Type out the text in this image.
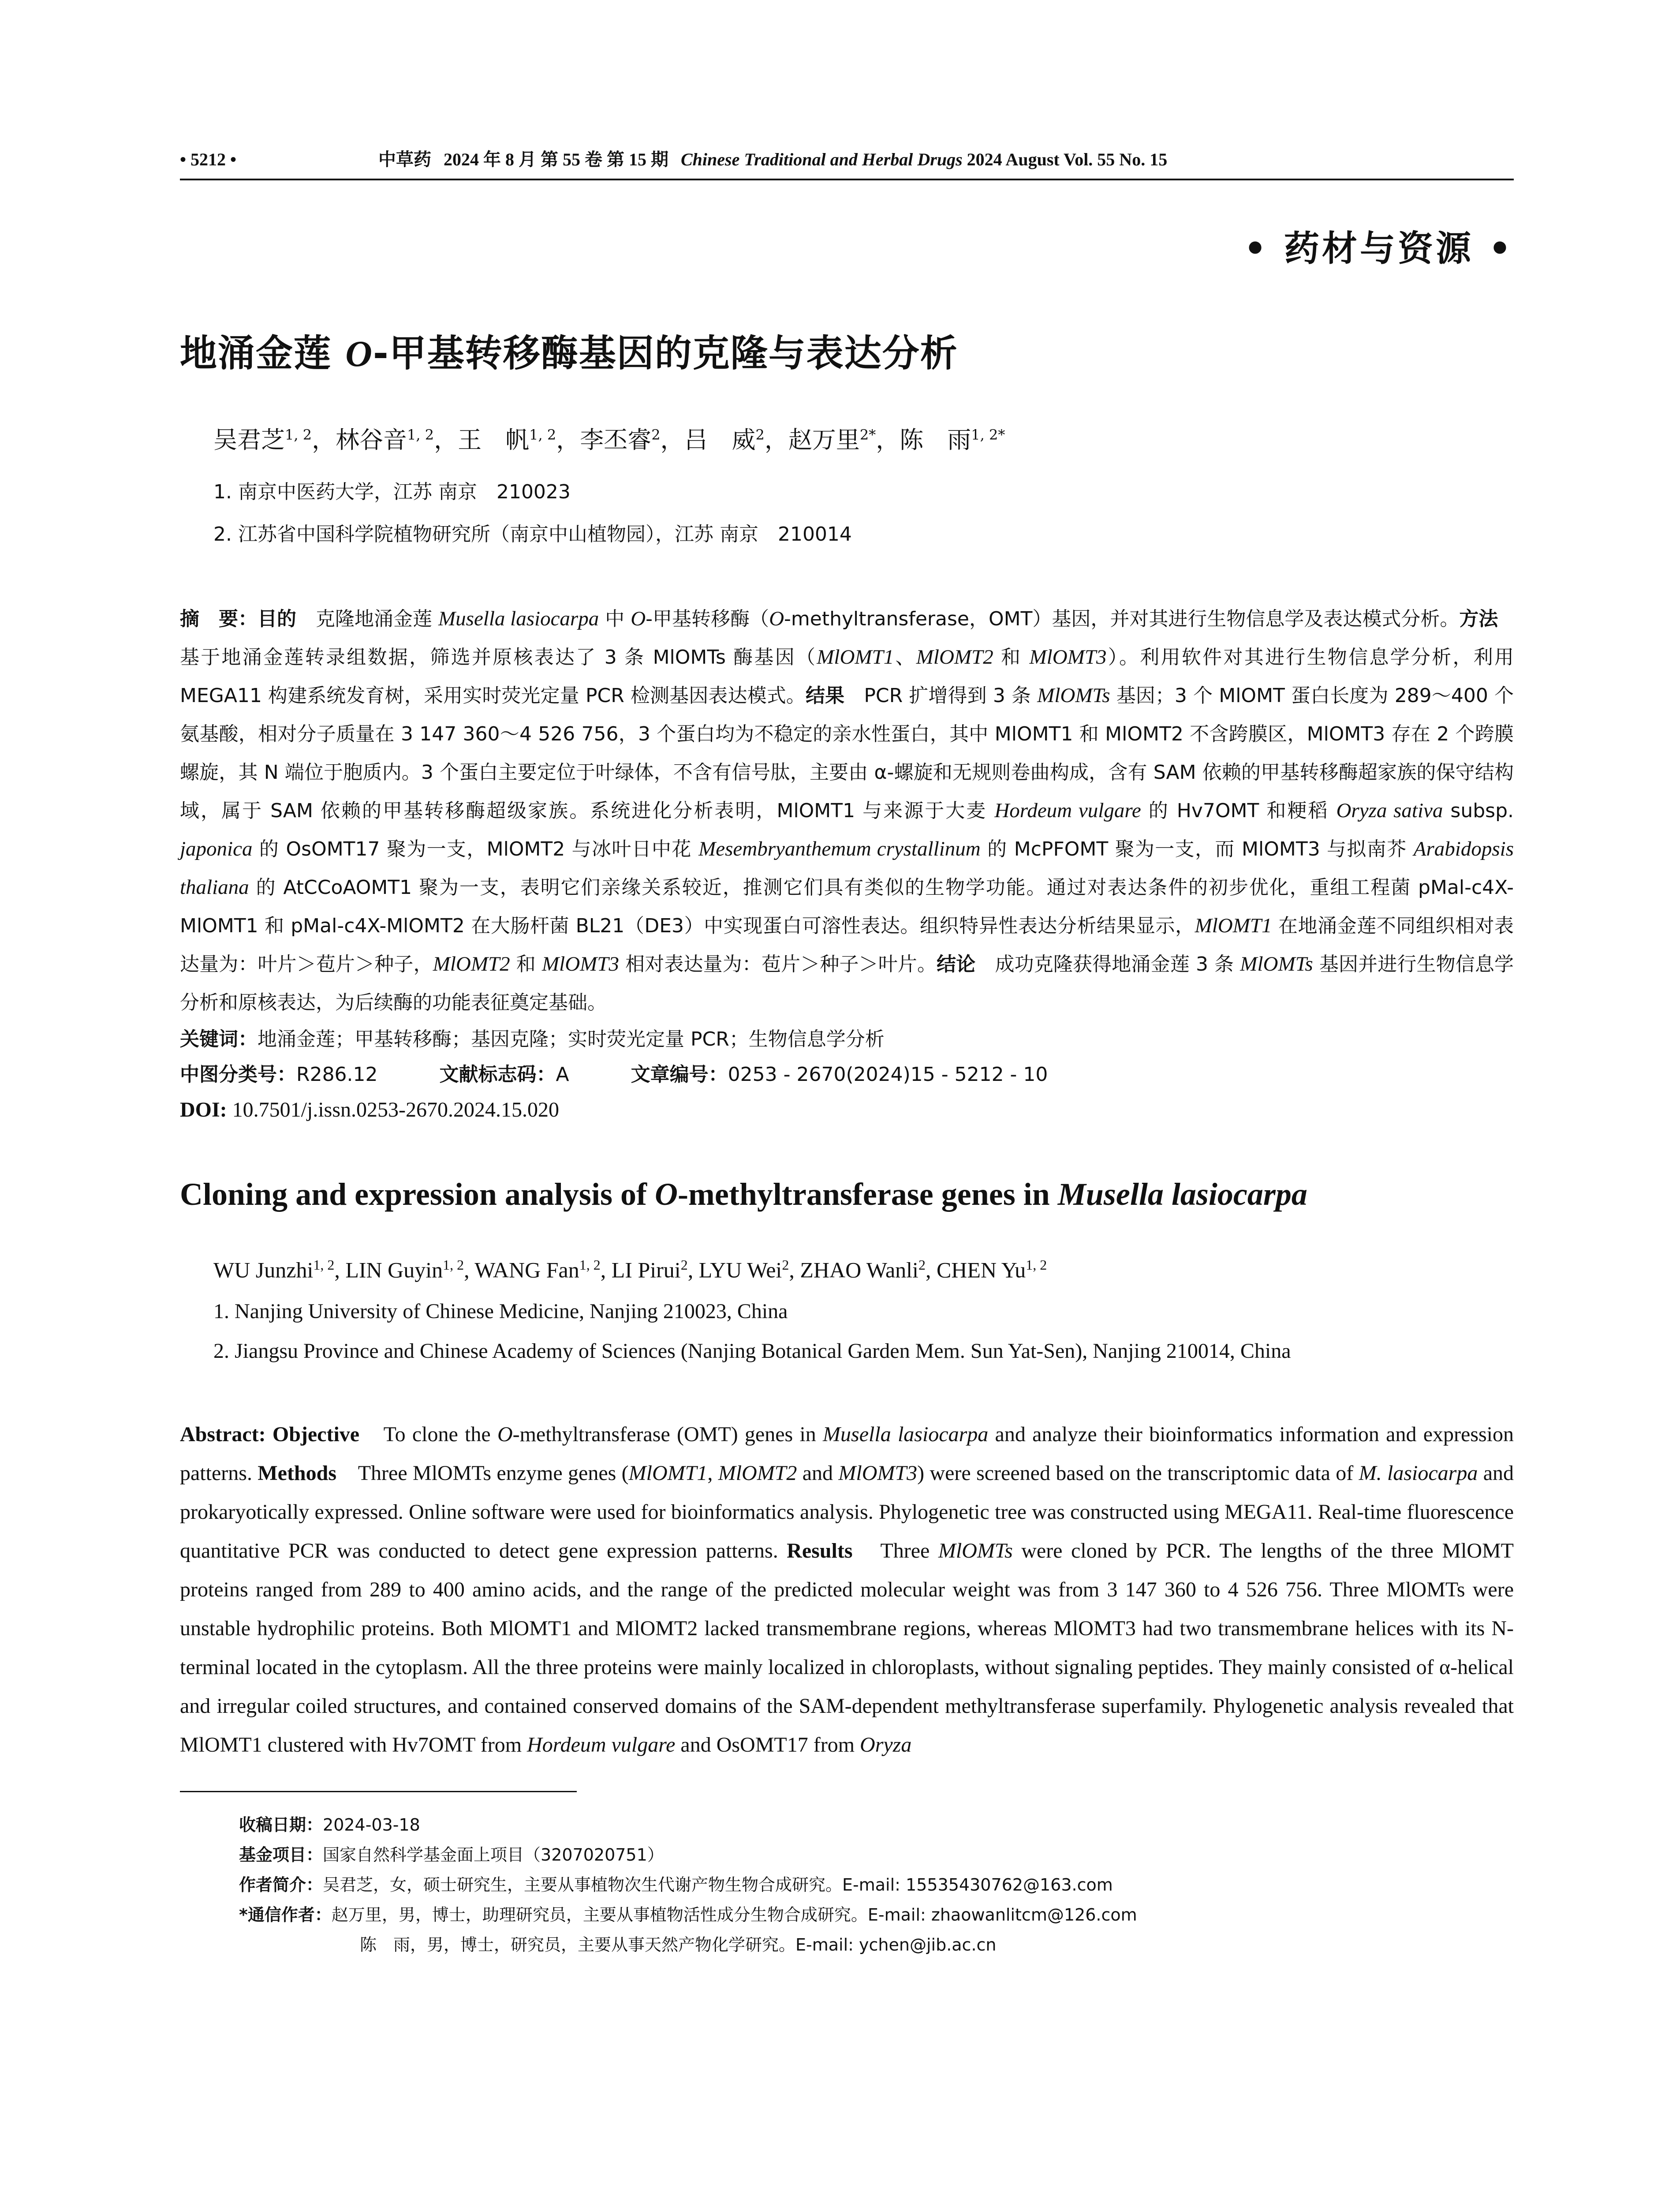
• 5212 •	中草药 2024 年 8 月 第 55 卷 第 15 期 Chinese Traditional and Herbal Drugs 2024 August Vol. 55 No. 15
• 药材与资源 •
地涌金莲 O-甲基转移酶基因的克隆与表达分析
吴君芝$^{1, 2}$，林谷音$^{1, 2}$，王　帆$^{1, 2}$，李丕睿$^2$，吕　威$^2$，赵万里$^{2*}$，陈　雨$^{1, 2*}$
1. 南京中医药大学，江苏 南京　210023
2. 江苏省中国科学院植物研究所（南京中山植物园），江苏 南京　210014
摘　要：目的　克隆地涌金莲 Musella lasiocarpa 中 O-甲基转移酶（O-methyltransferase，OMT）基因，并对其进行生物信息学及表达模式分析。方法　基于地涌金莲转录组数据，筛选并原核表达了 3 条 MlOMTs 酶基因（MlOMT1、MlOMT2 和 MlOMT3）。利用软件对其进行生物信息学分析，利用 MEGA11 构建系统发育树，采用实时荧光定量 PCR 检测基因表达模式。结果　PCR 扩增得到 3 条 MlOMTs 基因；3 个 MlOMT 蛋白长度为 289～400 个氨基酸，相对分子质量在 3 147 360～4 526 756，3 个蛋白均为不稳定的亲水性蛋白，其中 MlOMT1 和 MlOMT2 不含跨膜区，MlOMT3 存在 2 个跨膜螺旋，其 N 端位于胞质内。3 个蛋白主要定位于叶绿体，不含有信号肽，主要由 α-螺旋和无规则卷曲构成，含有 SAM 依赖的甲基转移酶超家族的保守结构域，属于 SAM 依赖的甲基转移酶超级家族。系统进化分析表明，MlOMT1 与来源于大麦 Hordeum vulgare 的 Hv7OMT 和粳稻 Oryza sativa subsp. japonica 的 OsOMT17 聚为一支，MlOMT2 与冰叶日中花 Mesembryanthemum crystallinum 的 McPFOMT 聚为一支，而 MlOMT3 与拟南芥 Arabidopsis thaliana 的 AtCCoAOMT1 聚为一支，表明它们亲缘关系较近，推测它们具有类似的生物学功能。通过对表达条件的初步优化，重组工程菌 pMal-c4X-MlOMT1 和 pMal-c4X-MlOMT2 在大肠杆菌 BL21（DE3）中实现蛋白可溶性表达。组织特异性表达分析结果显示，MlOMT1 在地涌金莲不同组织相对表达量为：叶片＞苞片＞种子，MlOMT2 和 MlOMT3 相对表达量为：苞片＞种子＞叶片。结论　成功克隆获得地涌金莲 3 条 MlOMTs 基因并进行生物信息学分析和原核表达，为后续酶的功能表征奠定基础。
关键词：地涌金莲；甲基转移酶；基因克隆；实时荧光定量 PCR；生物信息学分析
中图分类号：R286.12	文献标志码：A	文章编号：0253 - 2670(2024)15 - 5212 - 10
DOI: 10.7501/j.issn.0253-2670.2024.15.020
Cloning and expression analysis of O-methyltransferase genes in Musella lasiocarpa
WU Junzhi$^{1, 2}$, LIN Guyin$^{1, 2}$, WANG Fan$^{1, 2}$, LI Pirui$^2$, LYU Wei$^2$, ZHAO Wanli$^2$, CHEN Yu$^{1, 2}$
1. Nanjing University of Chinese Medicine, Nanjing 210023, China
2. Jiangsu Province and Chinese Academy of Sciences (Nanjing Botanical Garden Mem. Sun Yat-Sen), Nanjing 210014, China
Abstract: Objective　To clone the O-methyltransferase (OMT) genes in Musella lasiocarpa and analyze their bioinformatics information and expression patterns. Methods　Three MlOMTs enzyme genes (MlOMT1, MlOMT2 and MlOMT3) were screened based on the transcriptomic data of M. lasiocarpa and prokaryotically expressed. Online software were used for bioinformatics analysis. Phylogenetic tree was constructed using MEGA11. Real-time fluorescence quantitative PCR was conducted to detect gene expression patterns. Results　Three MlOMTs were cloned by PCR. The lengths of the three MlOMT proteins ranged from 289 to 400 amino acids, and the range of the predicted molecular weight was from 3 147 360 to 4 526 756. Three MlOMTs were unstable hydrophilic proteins. Both MlOMT1 and MlOMT2 lacked transmembrane regions, whereas MlOMT3 had two transmembrane helices with its N-terminal located in the cytoplasm. All the three proteins were mainly localized in chloroplasts, without signaling peptides. They mainly consisted of α-helical and irregular coiled structures, and contained conserved domains of the SAM-dependent methyltransferase superfamily. Phylogenetic analysis revealed that MlOMT1 clustered with Hv7OMT from Hordeum vulgare and OsOMT17 from Oryza
收稿日期：2024-03-18
基金项目：国家自然科学基金面上项目（3207020751）
作者简介：吴君芝，女，硕士研究生，主要从事植物次生代谢产物生物合成研究。E-mail: 15535430762@163.com
*通信作者：赵万里，男，博士，助理研究员，主要从事植物活性成分生物合成研究。E-mail: zhaowanlitcm@126.com
陈　雨，男，博士，研究员，主要从事天然产物化学研究。E-mail: ychen@jib.ac.cn
